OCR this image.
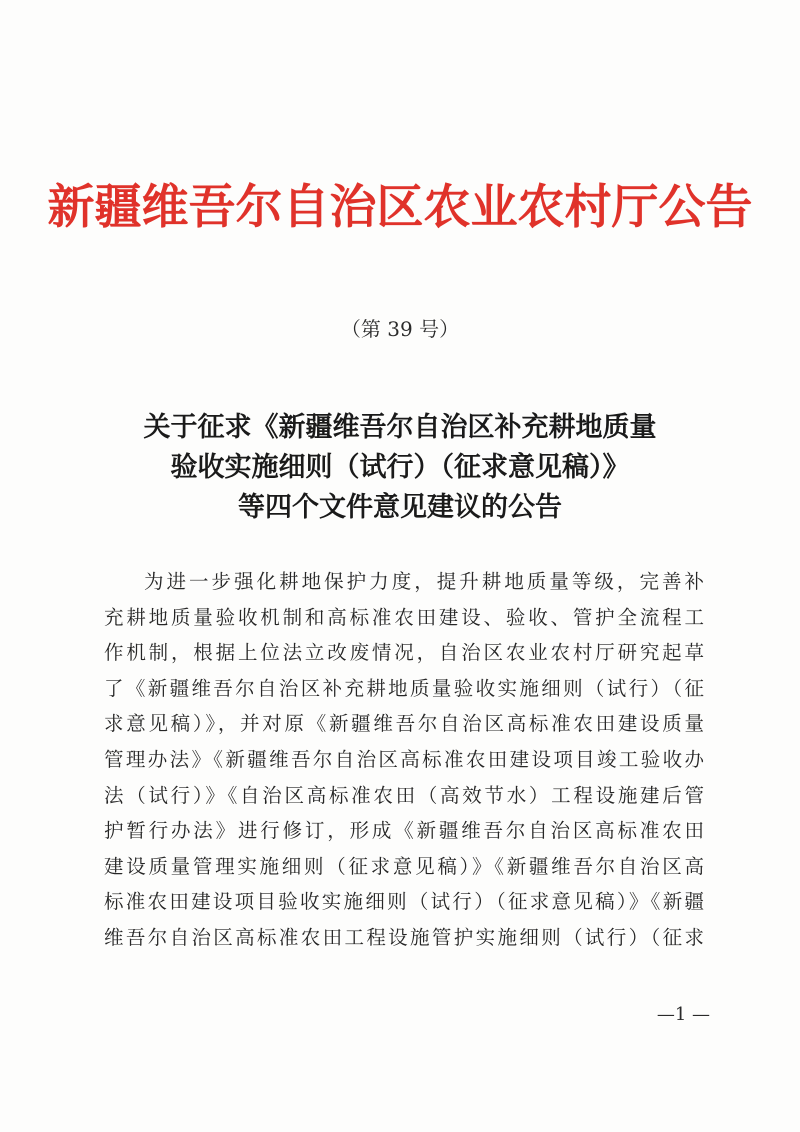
新疆维吾尔自治区农业农村厅公告
（第 39 号）
关于征求《新疆维吾尔自治区补充耕地质量
验收实施细则（试行）（征求意见稿）》
等四个文件意见建议的公告
为进一步强化耕地保护力度，提升耕地质量等级，完善补
充耕地质量验收机制和高标准农田建设、验收、管护全流程工
作机制，根据上位法立改废情况，自治区农业农村厅研究起草
了《新疆维吾尔自治区补充耕地质量验收实施细则（试行）（征
求意见稿）》，并对原《新疆维吾尔自治区高标准农田建设质量
管理办法》《新疆维吾尔自治区高标准农田建设项目竣工验收办
法（试行）》《自治区高标准农田（高效节水）工程设施建后管
护暂行办法》进行修订，形成《新疆维吾尔自治区高标准农田
建设质量管理实施细则（征求意见稿）》《新疆维吾尔自治区高
标准农田建设项目验收实施细则（试行）（征求意见稿）》《新疆
维吾尔自治区高标准农田工程设施管护实施细则（试行）（征求
—1 —
